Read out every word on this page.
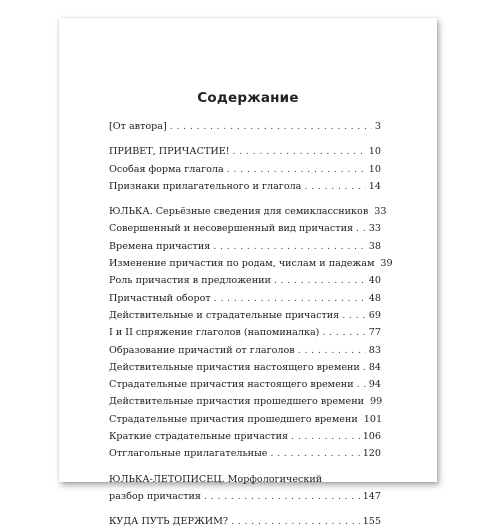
Содержание
[От автора] . . .	3
ПРИВЕТ, ПРИЧАСТИЕ! . . .	10
Особая форма глагола . . .	10
Признаки прилагательного и глагола . . .	14
ЮЛЬКА. Серьёзные сведения для семиклассников 33
Совершенный и несовершенный вид причастия . . . 33
Времена причастия . . .	38
Изменение причастия по родам, числам и падежам 39
Роль причастия в предложении . . .	40
Причастный оборот . . .	48
Действительные и страдательные причастия . . .	69
I и II спряжение глаголов (напоминалка) . . .	77
Образование причастий от глаголов . . .	83
Действительные причастия настоящего времени . . . 84
Страдательные причастия настоящего времени . . . 94
Действительные причастия прошедшего времени 99
Страдательные причастия прошедшего времени 101
Краткие страдательные причастия . . .	106
Отглагольные прилагательные . . .	120
ЮЛЬКА-ЛЕТОПИСЕЦ. Морфологический
разбор причастия . . .	147
КУДА ПУТЬ ДЕРЖИМ? . . .	155
